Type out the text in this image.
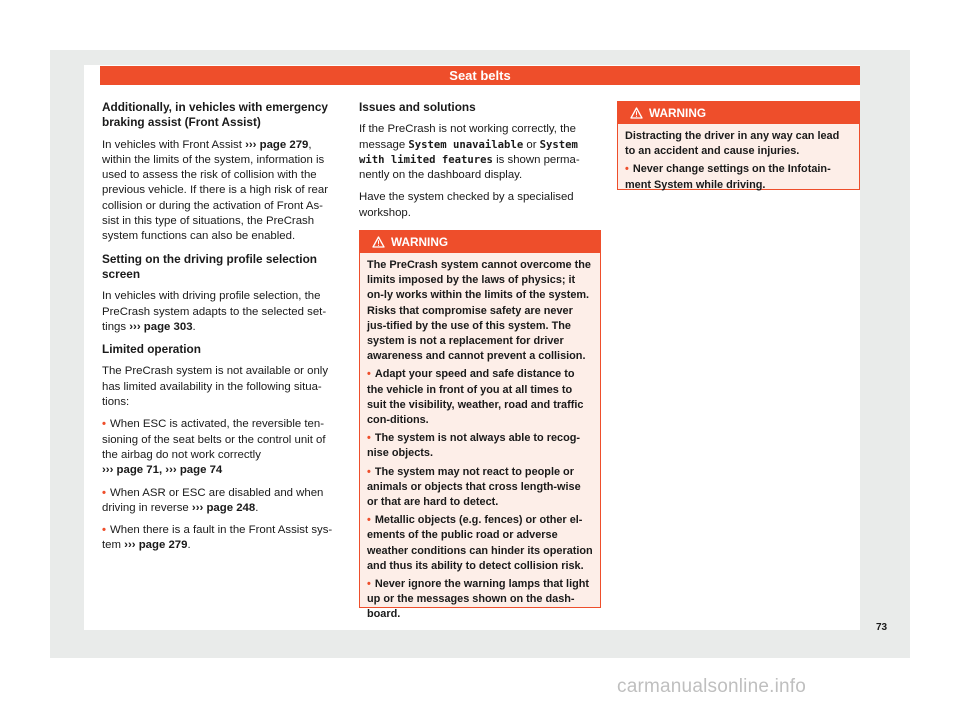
Seat belts

Additionally, in vehicles with emergency braking assist (Front Assist)

In vehicles with Front Assist ››› page 279, within the limits of the system, information is used to assess the risk of collision with the previous vehicle. If there is a high risk of rear collision or during the activation of Front As-sist in this type of situations, the PreCrash system functions can also be enabled.

Setting on the driving profile selection screen

In vehicles with driving profile selection, the PreCrash system adapts to the selected set-tings ››› page 303.

Limited operation

The PreCrash system is not available or only has limited availability in the following situa-tions:

• When ESC is activated, the reversible ten-sioning of the seat belts or the control unit of the airbag do not work correctly
››› page 71, ››› page 74

• When ASR or ESC are disabled and when driving in reverse ››› page 248.

• When there is a fault in the Front Assist sys-tem ››› page 279.

Issues and solutions

If the PreCrash is not working correctly, the message System unavailable or System with limited features is shown perma-nently on the dashboard display.

Have the system checked by a specialised workshop.

WARNING

The PreCrash system cannot overcome the limits imposed by the laws of physics; it on-ly works within the limits of the system. Risks that compromise safety are never jus-tified by the use of this system. The system is not a replacement for driver awareness and cannot prevent a collision.

• Adapt your speed and safe distance to the vehicle in front of you at all times to suit the visibility, weather, road and traffic con-ditions.

• The system is not always able to recog-nise objects.

• The system may not react to people or animals or objects that cross length-wise or that are hard to detect.

• Metallic objects (e.g. fences) or other el-ements of the public road or adverse weather conditions can hinder its operation and thus its ability to detect collision risk.

• Never ignore the warning lamps that light up or the messages shown on the dash-board.

WARNING

Distracting the driver in any way can lead to an accident and cause injuries.

• Never change settings on the Infotain-ment System while driving.

73
carmanualsonline.info
